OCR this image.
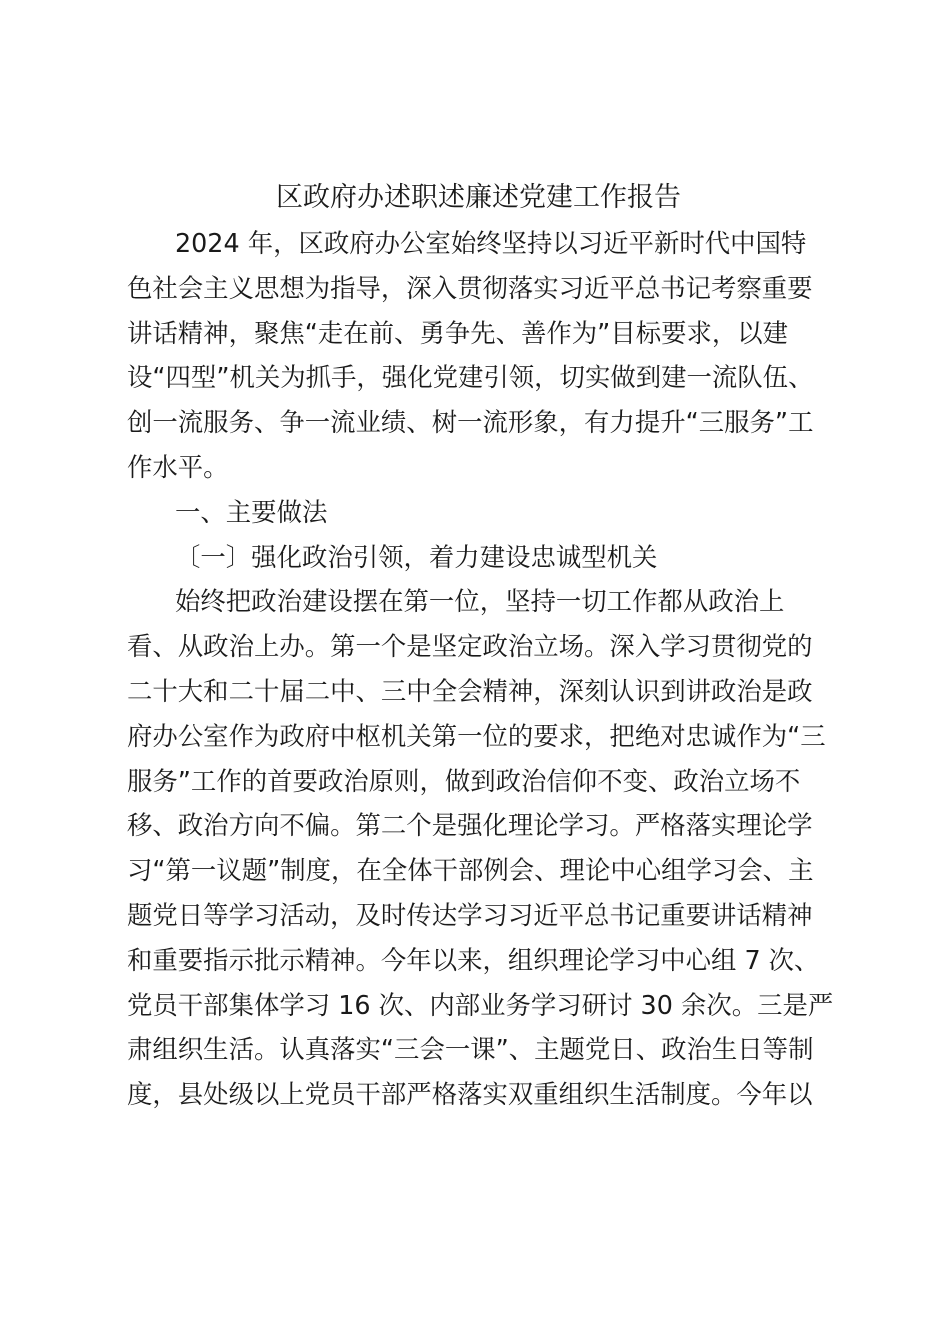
区政府办述职述廉述党建工作报告
2024 年，区政府办公室始终坚持以习近平新时代中国特
色社会主义思想为指导，深入贯彻落实习近平总书记考察重要
讲话精神，聚焦“走在前、勇争先、善作为”目标要求，以建
设“四型”机关为抓手，强化党建引领，切实做到建一流队伍、
创一流服务、争一流业绩、树一流形象，有力提升“三服务”工
作水平。
一、主要做法
〔一〕强化政治引领，着力建设忠诚型机关
始终把政治建设摆在第一位，坚持一切工作都从政治上
看、从政治上办。第一个是坚定政治立场。深入学习贯彻党的
二十大和二十届二中、三中全会精神，深刻认识到讲政治是政
府办公室作为政府中枢机关第一位的要求，把绝对忠诚作为“三
服务”工作的首要政治原则，做到政治信仰不变、政治立场不
移、政治方向不偏。第二个是强化理论学习。严格落实理论学
习“第一议题”制度，在全体干部例会、理论中心组学习会、主
题党日等学习活动，及时传达学习习近平总书记重要讲话精神
和重要指示批示精神。今年以来，组织理论学习中心组 7 次、
党员干部集体学习 16 次、内部业务学习研讨 30 余次。三是严
肃组织生活。认真落实“三会一课”、主题党日、政治生日等制
度，县处级以上党员干部严格落实双重组织生活制度。今年以
